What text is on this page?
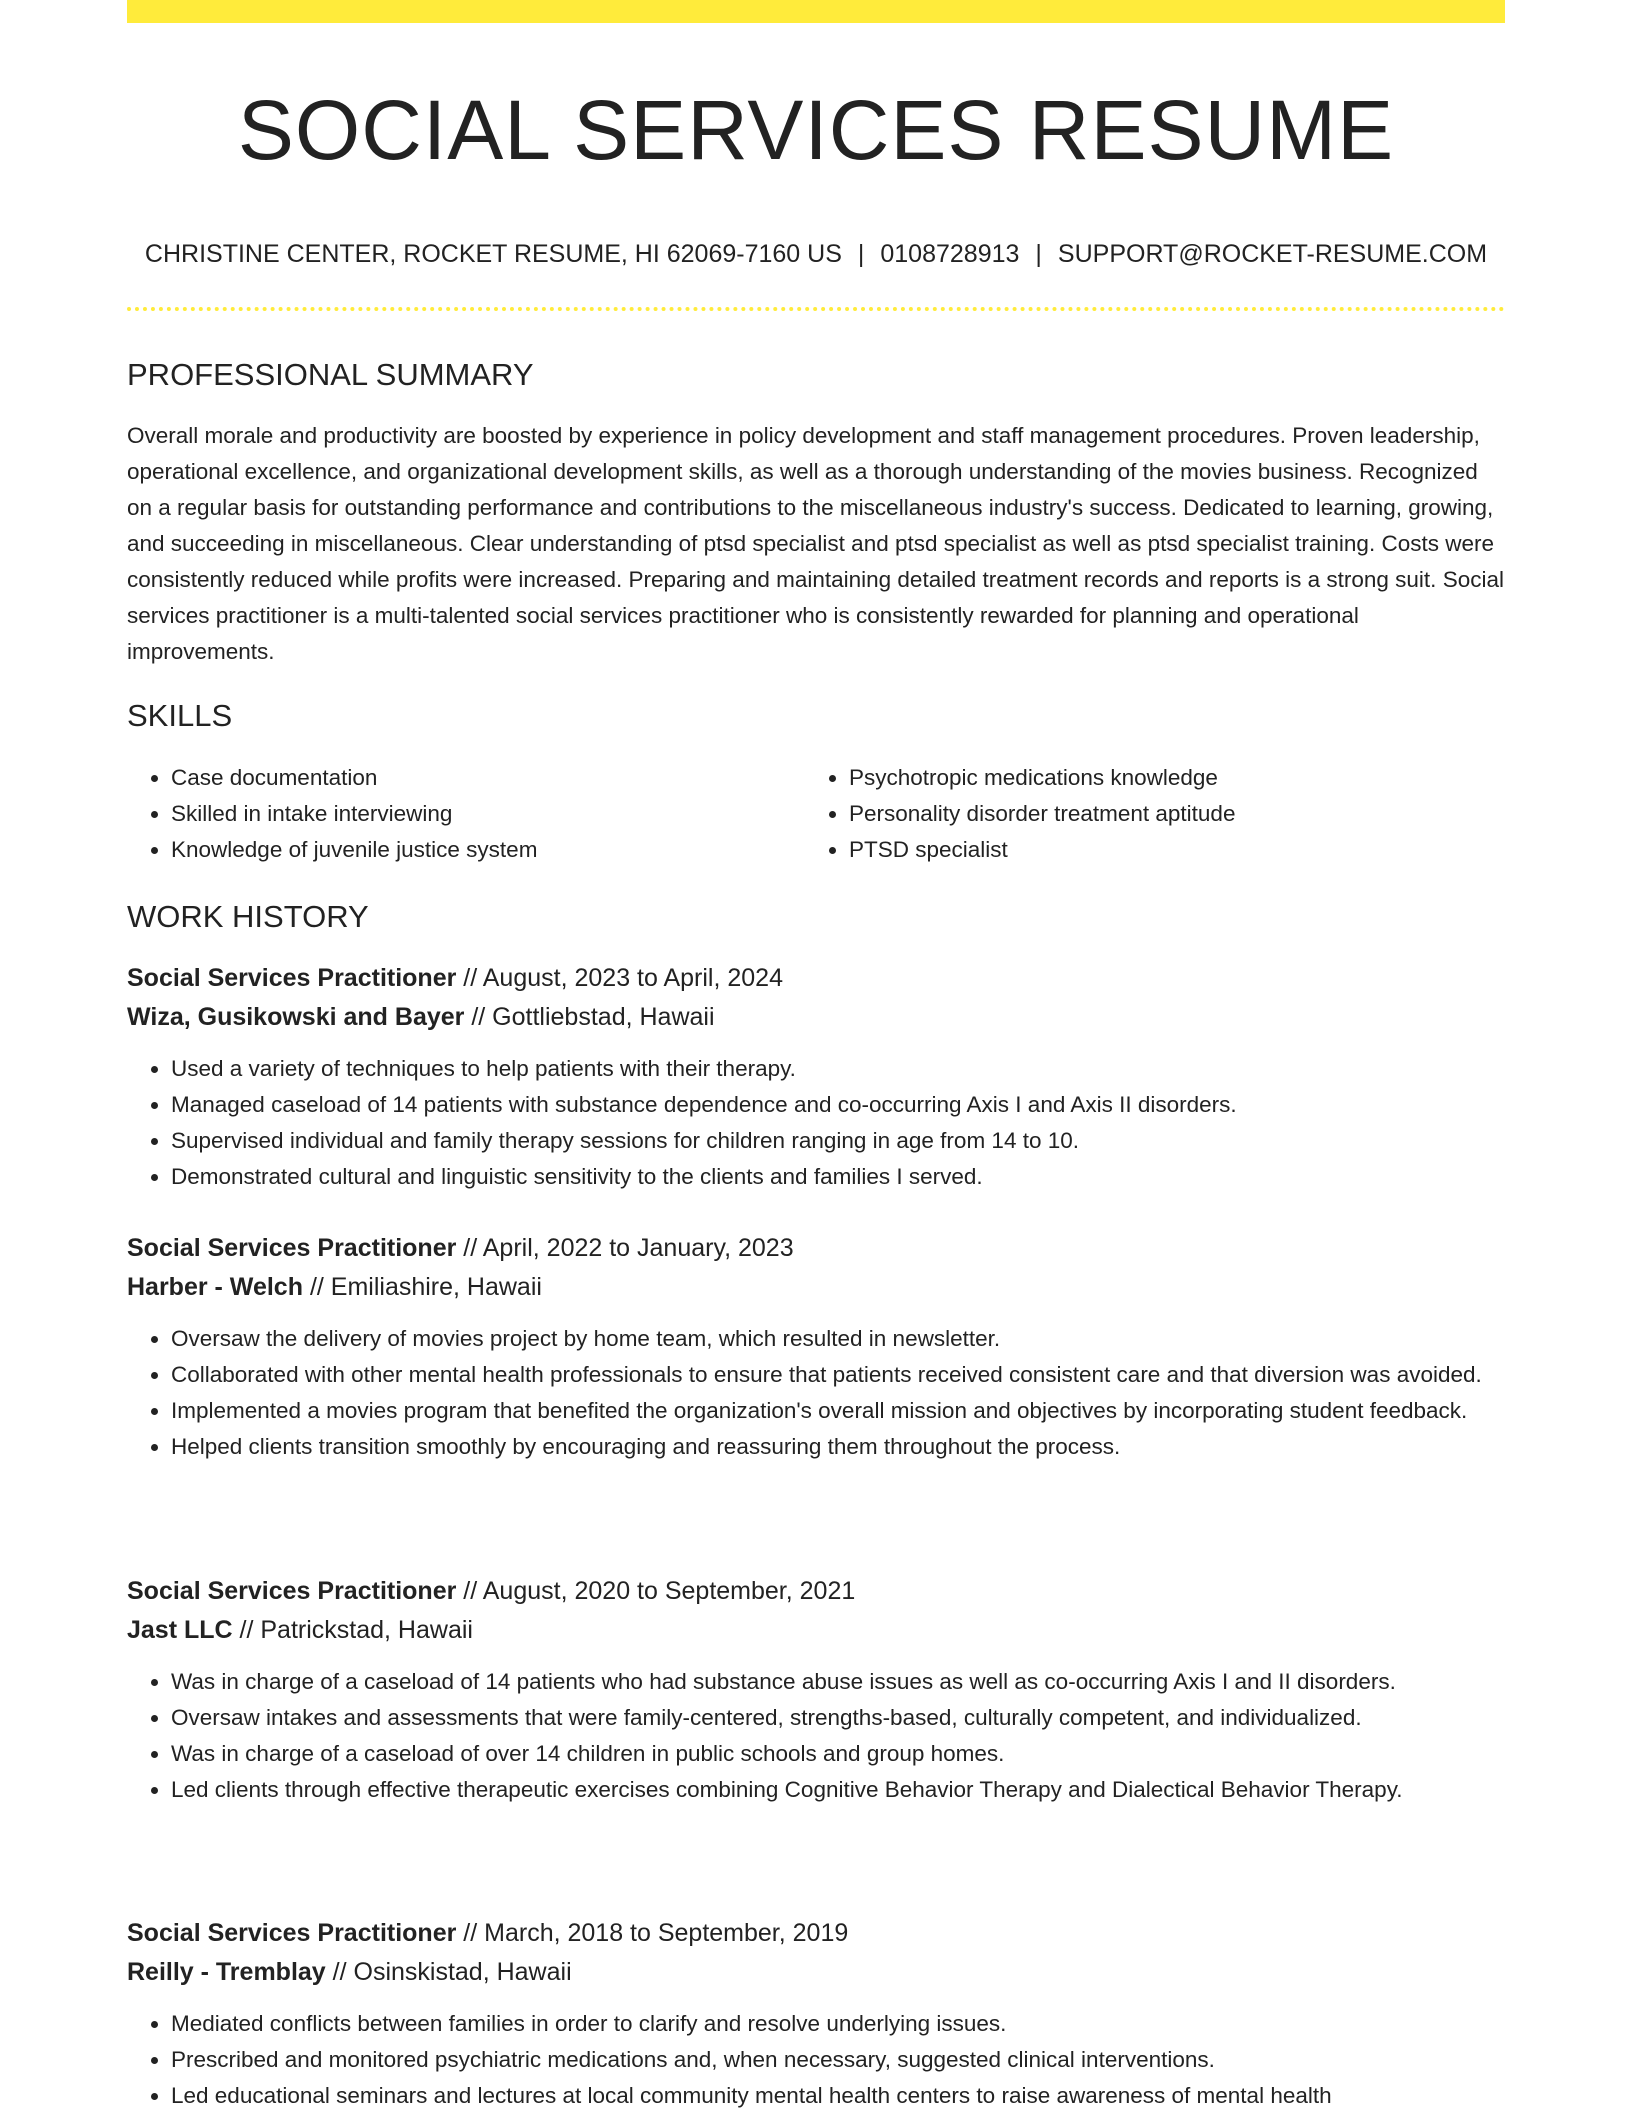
SOCIAL SERVICES RESUME
CHRISTINE CENTER, ROCKET RESUME, HI 62069-7160 US | 0108728913 | SUPPORT@ROCKET-RESUME.COM
PROFESSIONAL SUMMARY

Overall morale and productivity are boosted by experience in policy development and staff management procedures. Proven leadership, operational excellence, and organizational development skills, as well as a thorough understanding of the movies business. Recognized on a regular basis for outstanding performance and contributions to the miscellaneous industry's success. Dedicated to learning, growing, and succeeding in miscellaneous. Clear understanding of ptsd specialist and ptsd specialist as well as ptsd specialist training. Costs were consistently reduced while profits were increased. Preparing and maintaining detailed treatment records and reports is a strong suit. Social services practitioner is a multi-talented social services practitioner who is consistently rewarded for planning and operational improvements.

SKILLS
• Case documentation
• Skilled in intake interviewing
• Knowledge of juvenile justice system
• Psychotropic medications knowledge
• Personality disorder treatment aptitude
• PTSD specialist
WORK HISTORY
Social Services Practitioner // August, 2023 to April, 2024
Wiza, Gusikowski and Bayer // Gottliebstad, Hawaii
• Used a variety of techniques to help patients with their therapy.
• Managed caseload of 14 patients with substance dependence and co-occurring Axis I and Axis II disorders.
• Supervised individual and family therapy sessions for children ranging in age from 14 to 10.
• Demonstrated cultural and linguistic sensitivity to the clients and families I served.
Social Services Practitioner // April, 2022 to January, 2023
Harber - Welch // Emiliashire, Hawaii
• Oversaw the delivery of movies project by home team, which resulted in newsletter.
• Collaborated with other mental health professionals to ensure that patients received consistent care and that diversion was avoided.
• Implemented a movies program that benefited the organization's overall mission and objectives by incorporating student feedback.
• Helped clients transition smoothly by encouraging and reassuring them throughout the process.
Social Services Practitioner // August, 2020 to September, 2021
Jast LLC // Patrickstad, Hawaii
• Was in charge of a caseload of 14 patients who had substance abuse issues as well as co-occurring Axis I and II disorders.
• Oversaw intakes and assessments that were family-centered, strengths-based, culturally competent, and individualized.
• Was in charge of a caseload of over 14 children in public schools and group homes.
• Led clients through effective therapeutic exercises combining Cognitive Behavior Therapy and Dialectical Behavior Therapy.
Social Services Practitioner // March, 2018 to September, 2019
Reilly - Tremblay // Osinskistad, Hawaii
• Mediated conflicts between families in order to clarify and resolve underlying issues.
• Prescribed and monitored psychiatric medications and, when necessary, suggested clinical interventions.
• Led educational seminars and lectures at local community mental health centers to raise awareness of mental health
